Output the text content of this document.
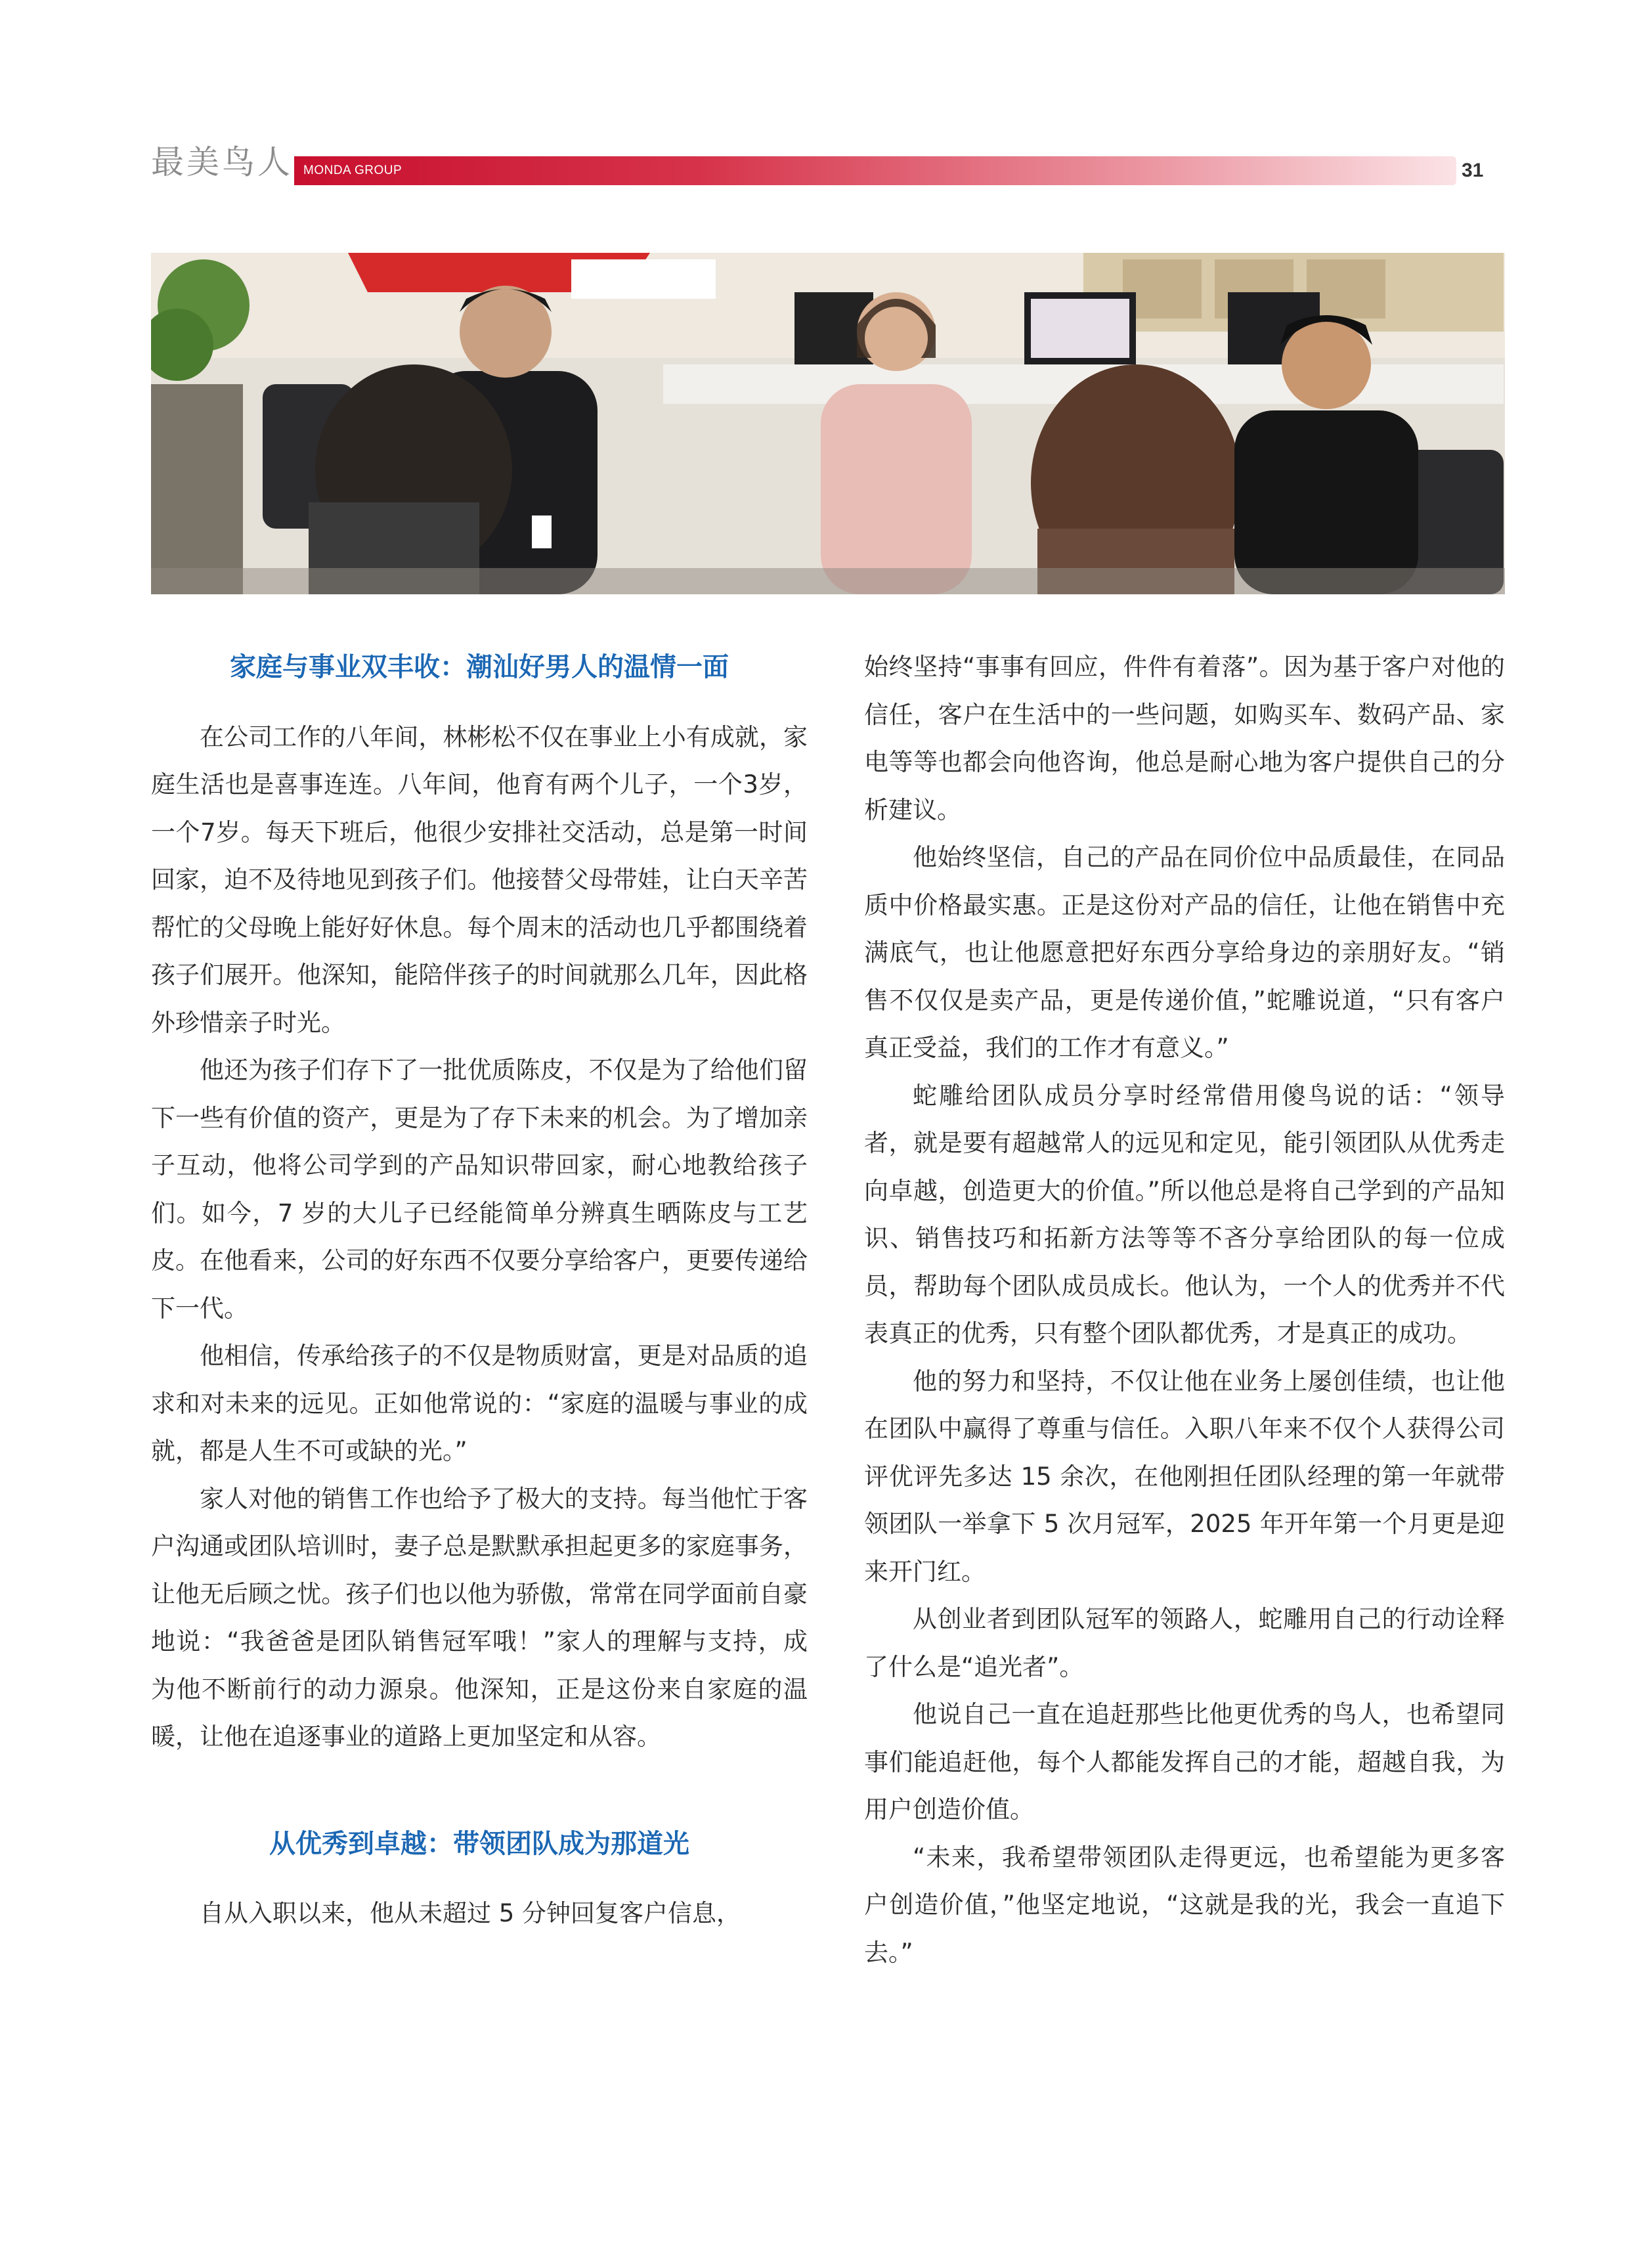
最美鸟人 MONDA GROUP	31
家庭与事业双丰收：潮汕好男人的温情一面

在公司工作的八年间，林彬松不仅在事业上小有成就，家庭生活也是喜事连连。八年间，他育有两个儿子，一个3岁，一个7岁。每天下班后，他很少安排社交活动，总是第一时间回家，迫不及待地见到孩子们。他接替父母带娃，让白天辛苦帮忙的父母晚上能好好休息。每个周末的活动也几乎都围绕着孩子们展开。他深知，能陪伴孩子的时间就那么几年，因此格外珍惜亲子时光。

他还为孩子们存下了一批优质陈皮，不仅是为了给他们留下一些有价值的资产，更是为了存下未来的机会。为了增加亲子互动，他将公司学到的产品知识带回家，耐心地教给孩子们。如今，7 岁的大儿子已经能简单分辨真生晒陈皮与工艺皮。在他看来，公司的好东西不仅要分享给客户，更要传递给下一代。

他相信，传承给孩子的不仅是物质财富，更是对品质的追求和对未来的远见。正如他常说的：“家庭的温暖与事业的成就，都是人生不可或缺的光。”

家人对他的销售工作也给予了极大的支持。每当他忙于客户沟通或团队培训时，妻子总是默默承担起更多的家庭事务，让他无后顾之忧。孩子们也以他为骄傲，常常在同学面前自豪地说：“我爸爸是团队销售冠军哦！”家人的理解与支持，成为他不断前行的动力源泉。他深知，正是这份来自家庭的温暖，让他在追逐事业的道路上更加坚定和从容。

从优秀到卓越：带领团队成为那道光

自从入职以来，他从未超过 5 分钟回复客户信息，

始终坚持“事事有回应，件件有着落”。因为基于客户对他的信任，客户在生活中的一些问题，如购买车、数码产品、家电等等也都会向他咨询，他总是耐心地为客户提供自己的分析建议。

他始终坚信，自己的产品在同价位中品质最佳，在同品质中价格最实惠。正是这份对产品的信任，让他在销售中充满底气，也让他愿意把好东西分享给身边的亲朋好友。“销售不仅仅是卖产品，更是传递价值，”蛇雕说道，“只有客户真正受益，我们的工作才有意义。”

蛇雕给团队成员分享时经常借用傻鸟说的话：“领导者，就是要有超越常人的远见和定见，能引领团队从优秀走向卓越，创造更大的价值。”所以他总是将自己学到的产品知识、销售技巧和拓新方法等等不吝分享给团队的每一位成员，帮助每个团队成员成长。他认为，一个人的优秀并不代表真正的优秀，只有整个团队都优秀，才是真正的成功。

他的努力和坚持，不仅让他在业务上屡创佳绩，也让他在团队中赢得了尊重与信任。入职八年来不仅个人获得公司评优评先多达 15 余次，在他刚担任团队经理的第一年就带领团队一举拿下 5 次月冠军，2025 年开年第一个月更是迎来开门红。

从创业者到团队冠军的领路人，蛇雕用自己的行动诠释了什么是“追光者”。

他说自己一直在追赶那些比他更优秀的鸟人，也希望同事们能追赶他，每个人都能发挥自己的才能，超越自我，为用户创造价值。

“未来，我希望带领团队走得更远，也希望能为更多客户创造价值，”他坚定地说，“这就是我的光，我会一直追下去。”
